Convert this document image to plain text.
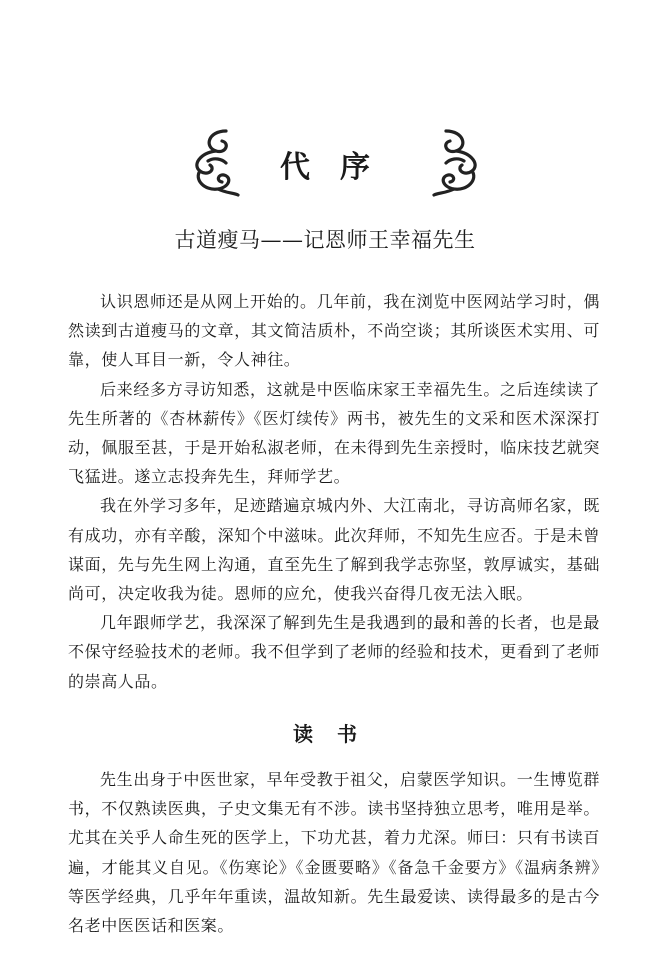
代序
古道瘦马——记恩师王幸福先生

认识恩师还是从网上开始的。几年前，我在浏览中医网站学习时，偶然读到古道瘦马的文章，其文简洁质朴，不尚空谈；其所谈医术实用、可靠，使人耳目一新，令人神往。

后来经多方寻访知悉，这就是中医临床家王幸福先生。之后连续读了先生所著的《杏林薪传》《医灯续传》两书，被先生的文采和医术深深打动，佩服至甚，于是开始私淑老师，在未得到先生亲授时，临床技艺就突飞猛进。遂立志投奔先生，拜师学艺。

我在外学习多年，足迹踏遍京城内外、大江南北，寻访高师名家，既有成功，亦有辛酸，深知个中滋味。此次拜师，不知先生应否。于是未曾谋面，先与先生网上沟通，直至先生了解到我学志弥坚，敦厚诚实，基础尚可，决定收我为徒。恩师的应允，使我兴奋得几夜无法入眠。

几年跟师学艺，我深深了解到先生是我遇到的最和善的长者，也是最不保守经验技术的老师。我不但学到了老师的经验和技术，更看到了老师的崇高人品。

读书

先生出身于中医世家，早年受教于祖父，启蒙医学知识。一生博览群书，不仅熟读医典，子史文集无有不涉。读书坚持独立思考，唯用是举。尤其在关乎人命生死的医学上，下功尤甚，着力尤深。师曰：只有书读百遍，才能其义自见。《伤寒论》《金匮要略》《备急千金要方》《温病条辨》等医学经典，几乎年年重读，温故知新。先生最爱读、读得最多的是古今名老中医医话和医案。
